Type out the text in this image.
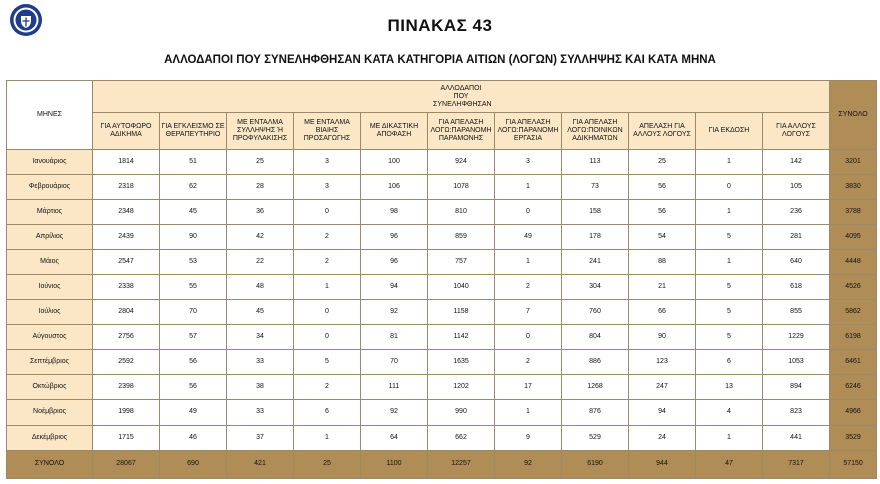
ΠΙΝΑΚΑΣ 43
ΑΛΛΟΔΑΠΟΙ ΠΟΥ ΣΥΝΕΛΗΦΘΗΣΑΝ ΚΑΤΑ ΚΑΤΗΓΟΡΙΑ ΑΙΤΙΩΝ (ΛΟΓΩΝ) ΣΥΛΛΗΨΗΣ ΚΑΙ ΚΑΤΑ ΜΗΝΑ
ΜΗΝΕΣ	ΑΛΛΟΔΑΠΟΙ ΠΟΥ ΣΥΝΕΛΗΦΘΗΣΑΝ											ΣΥΝΟΛΟ
	ΓΙΑ ΑΥΤΟΦΩΡΟ ΑΔΙΚΗΜΑ	ΓΙΑ ΕΓΚΛΕΙΣΜΟ ΣΕ ΘΕΡΑΠΕΥΤΗΡΙΟ	ΜΕ ΕΝΤΑΛΜΑ ΣΥΛΛΗΨΗΣ Ή ΠΡΟΦΥΛΑΚΙΣΗΣ	ΜΕ ΕΝΤΑΛΜΑ ΒΙΑΙΗΣ ΠΡΟΣΑΓΩΓΗΣ	ΜΕ ΔΙΚΑΣΤΙΚΗ ΑΠΟΦΑΣΗ	ΓΙΑ ΑΠΕΛΑΣΗ ΛΟΓΩ:ΠΑΡΑΝΟΜΗ ΠΑΡΑΜΟΝΗΣ	ΓΙΑ ΑΠΕΛΑΣΗ ΛΟΓΩ:ΠΑΡΑΝΟΜΗ ΕΡΓΑΣΙΑ	ΓΙΑ ΑΠΕΛΑΣΗ ΛΟΓΩ:ΠΟΙΝΙΚΩΝ ΑΔΙΚΗΜΑΤΩΝ	ΑΠΕΛΑΣΗ ΓΙΑ ΑΛΛΟΥΣ ΛΟΓΟΥΣ	ΓΙΑ ΕΚΔΟΣΗ	ΓΙΑ ΑΛΛΟΥΣ ΛΟΓΟΥΣ	
Ιανουάριος	1814	51	25	3	100	924	3	113	25	1	142	3201
Φεβρουάριος	2318	62	28	3	106	1078	1	73	56	0	105	3830
Μάρτιος	2348	45	36	0	98	810	0	158	56	1	236	3788
Απρίλιος	2439	90	42	2	96	859	49	178	54	5	281	4095
Μάιος	2547	53	22	2	96	757	1	241	88	1	640	4448
Ιούνιος	2338	55	48	1	94	1040	2	304	21	5	618	4526
Ιούλιος	2804	70	45	0	92	1158	7	760	66	5	855	5862
Αύγουστος	2756	57	34	0	81	1142	0	804	90	5	1229	6198
Σεπτέμβριος	2592	56	33	5	70	1635	2	886	123	6	1053	6461
Οκτώβριος	2398	56	38	2	111	1202	17	1268	247	13	894	6246
Νοέμβριος	1998	49	33	6	92	990	1	876	94	4	823	4966
Δεκέμβριος	1715	46	37	1	64	662	9	529	24	1	441	3529
ΣΥΝΟΛΟ	28067	690	421	25	1100	12257	92	6190	944	47	7317	57150
